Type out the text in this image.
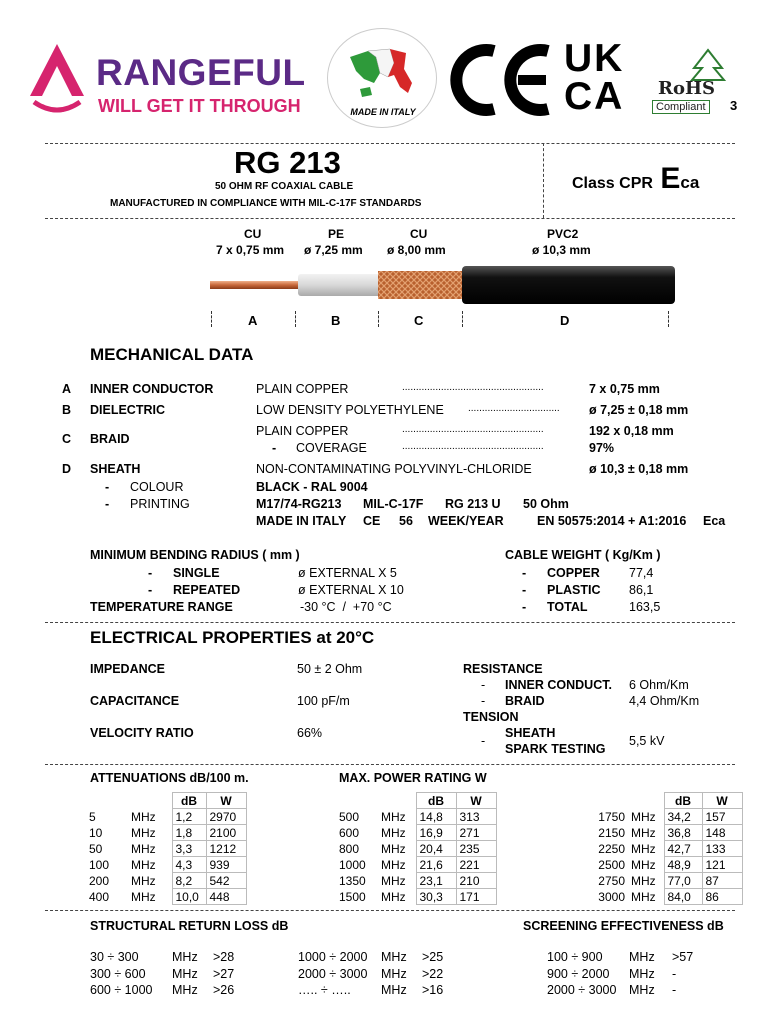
RANGEFUL
WILL GET IT THROUGH	MADE IN ITALY
UK
CA	RoHS
Compliant	3
RG 213
50 OHM RF COAXIAL CABLE
MANUFACTURED IN COMPLIANCE WITH MIL-C-17F STANDARDS
Class CPR Eca
CU
7 x 0,75 mm
PE
ø 7,25 mm
CU
ø 8,00 mm
PVC2
ø 10,3 mm
A	B	C	D
MECHANICAL DATA
A INNER CONDUCTOR	PLAIN COPPER	...................................................	7 x 0,75 mm
B DIELECTRIC	LOW DENSITY POLYETHYLENE ................................. ø 7,25 ± 0,18 mm
C BRAID
PLAIN COPPER	...................................................	192 x 0,18 mm
- COVERAGE	...................................................	97%
D SHEATH	NON-CONTAMINATING POLYVINYL-CHLORIDE	ø 10,3 ± 0,18 mm
- COLOUR	BLACK - RAL 9004
- PRINTING	M17/74-RG213 MIL-C-17F RG 213 U 50 Ohm
MADE IN ITALY CE 56 WEEK/YEAR	EN 50575:2014 + A1:2016 Eca
MINIMUM BENDING RADIUS ( mm )	CABLE WEIGHT ( Kg/Km )
- SINGLE	ø EXTERNAL X 5	- COPPER 77,4
- REPEATED	ø EXTERNAL X 10	- PLASTIC 86,1
TEMPERATURE RANGE	-30 °C  /  +70 °C	- TOTAL	163,5
ELECTRICAL PROPERTIES at 20°C
IMPEDANCE	50 ± 2 Ohm	RESISTANCE
- INNER CONDUCT. 6 Ohm/Km
CAPACITANCE	100 pF/m	- BRAID	4,4 Ohm/Km
TENSION
VELOCITY RATIO	66%	SHEATH
-	5,5 kV
SPARK TESTING
ATTENUATIONS dB/100 m.	MAX. POWER RATING W
		dB	W
5	MHz	1,2	2970
10	MHz	1,8	2100
50	MHz	3,3	1212
100	MHz	4,3	939
200	MHz	8,2	542
400	MHz	10,0	448
		dB	W
500	MHz	14,8	313
600	MHz	16,9	271
800	MHz	20,4	235
1000	MHz	21,6	221
1350	MHz	23,1	210
1500	MHz	30,3	171
		dB	W
1750	MHz	34,2	157
2150	MHz	36,8	148
2250	MHz	42,7	133
2500	MHz	48,9	121
2750	MHz	77,0	87
3000	MHz	84,0	86
STRUCTURAL RETURN LOSS dB	SCREENING EFFECTIVENESS dB
30 ÷ 300	MHz >28
300 ÷ 600 MHz >27
600 ÷ 1000 MHz >26
1000 ÷ 2000 MHz >25
2000 ÷ 3000 MHz >22
….. ÷ ….. MHz >16
100 ÷ 900 MHz >57
900 ÷ 2000 MHz -
2000 ÷ 3000 MHz -
